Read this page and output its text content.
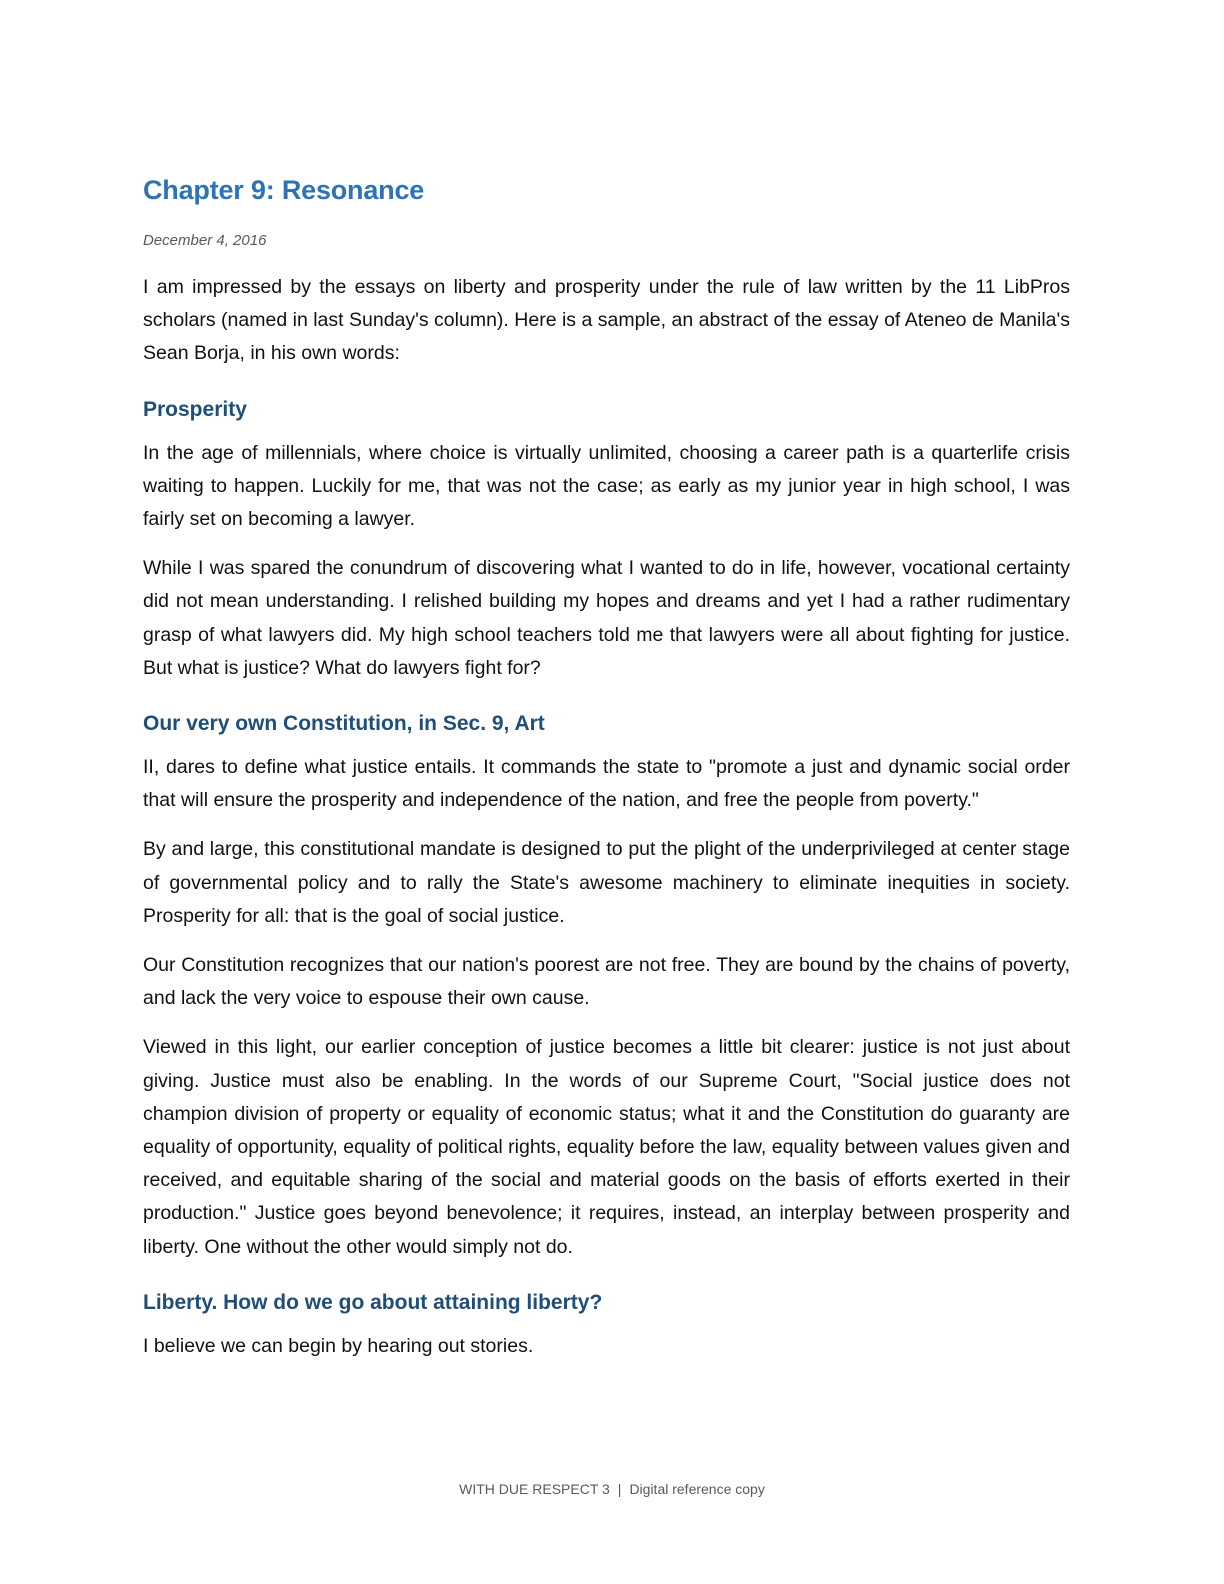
Chapter 9: Resonance

December 4, 2016

I am impressed by the essays on liberty and prosperity under the rule of law written by the 11 LibPros scholars (named in last Sunday's column). Here is a sample, an abstract of the essay of Ateneo de Manila's Sean Borja, in his own words:

Prosperity

In the age of millennials, where choice is virtually unlimited, choosing a career path is a quarterlife crisis waiting to happen. Luckily for me, that was not the case; as early as my junior year in high school, I was fairly set on becoming a lawyer.

While I was spared the conundrum of discovering what I wanted to do in life, however, vocational certainty did not mean understanding. I relished building my hopes and dreams and yet I had a rather rudimentary grasp of what lawyers did. My high school teachers told me that lawyers were all about fighting for justice. But what is justice? What do lawyers fight for?

Our very own Constitution, in Sec. 9, Art

II, dares to define what justice entails. It commands the state to "promote a just and dynamic social order that will ensure the prosperity and independence of the nation, and free the people from poverty."

By and large, this constitutional mandate is designed to put the plight of the underprivileged at center stage of governmental policy and to rally the State's awesome machinery to eliminate inequities in society. Prosperity for all: that is the goal of social justice.

Our Constitution recognizes that our nation's poorest are not free. They are bound by the chains of poverty, and lack the very voice to espouse their own cause.

Viewed in this light, our earlier conception of justice becomes a little bit clearer: justice is not just about giving. Justice must also be enabling. In the words of our Supreme Court, "Social justice does not champion division of property or equality of economic status; what it and the Constitution do guaranty are equality of opportunity, equality of political rights, equality before the law, equality between values given and received, and equitable sharing of the social and material goods on the basis of efforts exerted in their production." Justice goes beyond benevolence; it requires, instead, an interplay between prosperity and liberty. One without the other would simply not do.

Liberty. How do we go about attaining liberty?

I believe we can begin by hearing out stories.

WITH DUE RESPECT 3 | Digital reference copy
